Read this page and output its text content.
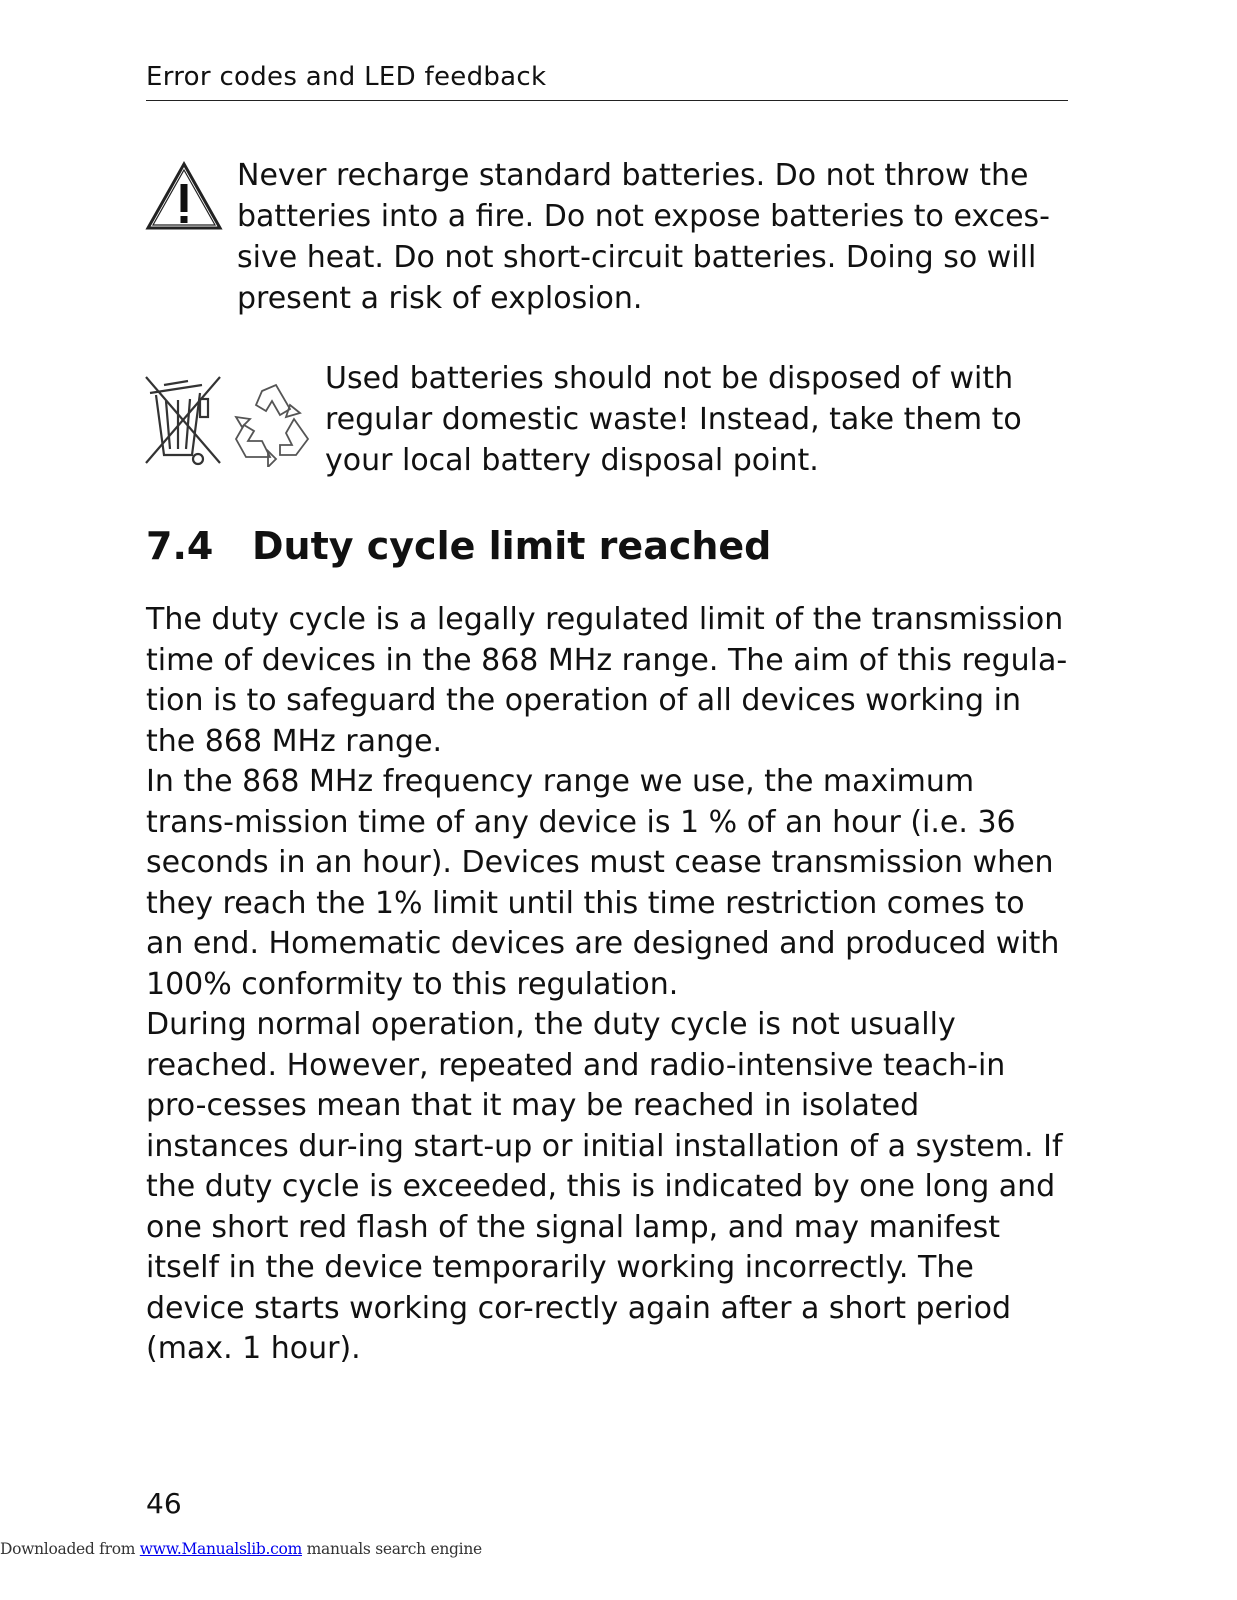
Error codes and LED feedback
Never recharge standard batteries. Do not throw the batteries into a fire. Do not expose batteries to exces-sive heat. Do not short-circuit batteries. Doing so will present a risk of explosion.
Used batteries should not be disposed of with regular domestic waste! Instead, take them to your local battery disposal point.
7.4 Duty cycle limit reached

The duty cycle is a legally regulated limit of the transmission time of devices in the 868 MHz range. The aim of this regula-tion is to safeguard the operation of all devices working in the 868 MHz range.

In the 868 MHz frequency range we use, the maximum trans-mission time of any device is 1 % of an hour (i.e. 36 seconds in an hour). Devices must cease transmission when they reach the 1% limit until this time restriction comes to an end. Homematic devices are designed and produced with 100% conformity to this regulation.

During normal operation, the duty cycle is not usually reached. However, repeated and radio-intensive teach-in pro-cesses mean that it may be reached in isolated instances dur-ing start-up or initial installation of a system. If the duty cycle is exceeded, this is indicated by one long and one short red flash of the signal lamp, and may manifest itself in the device temporarily working incorrectly. The device starts working cor-rectly again after a short period (max. 1 hour).

46
Downloaded from www.Manualslib.com manuals search engine
